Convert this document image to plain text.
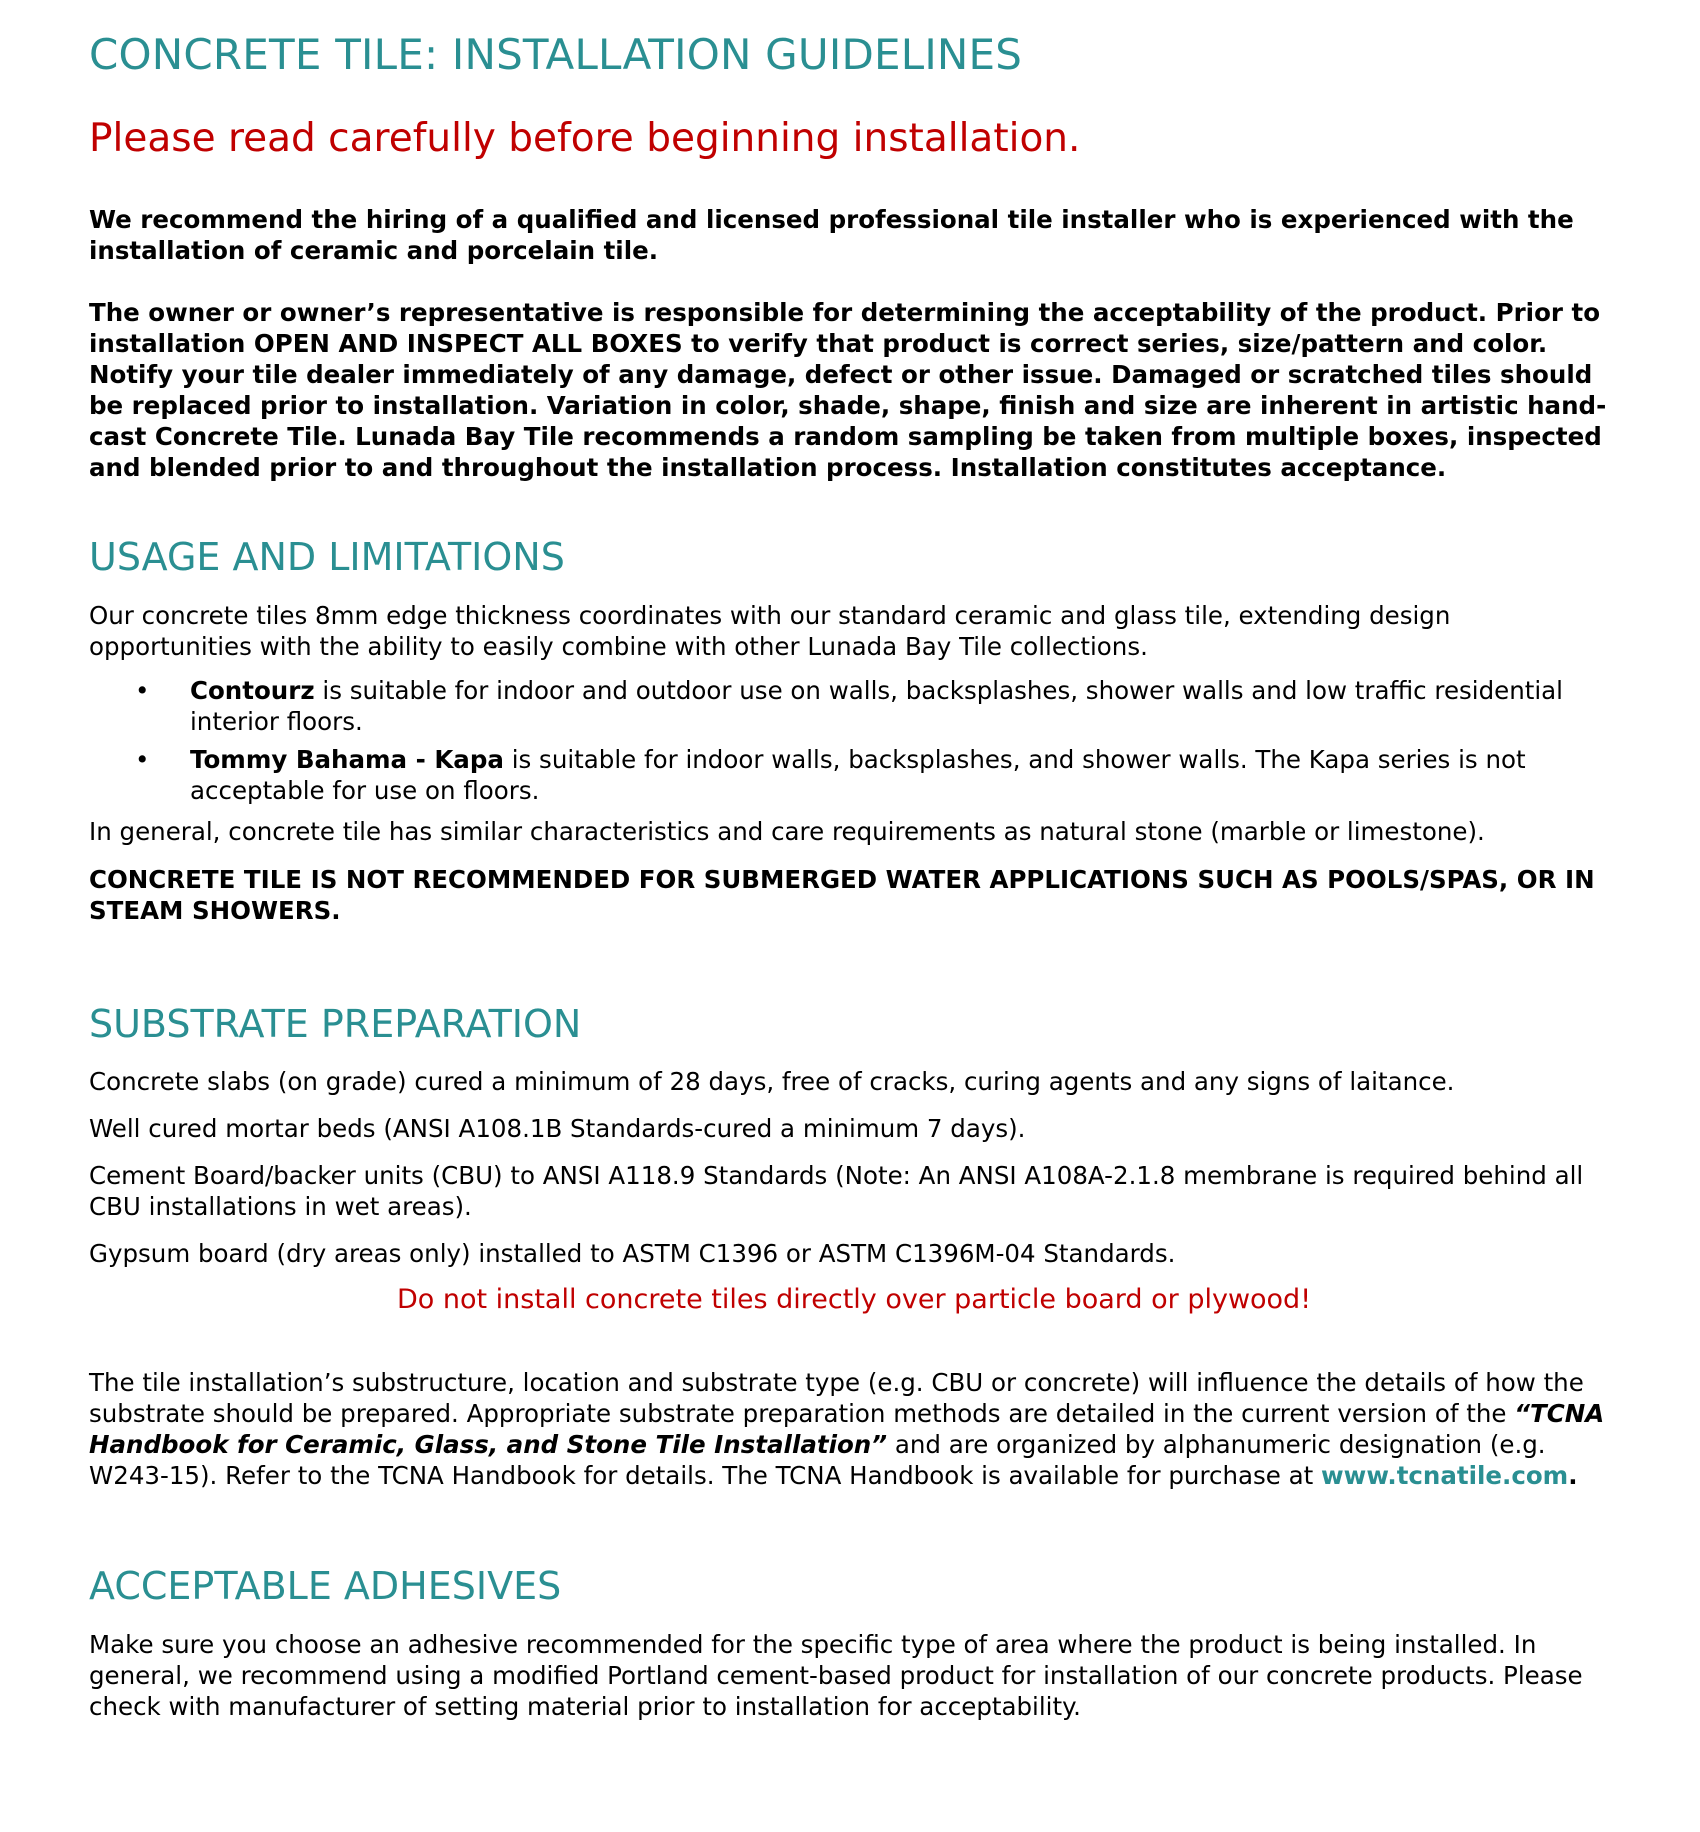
CONCRETE TILE: INSTALLATION GUIDELINES

Please read carefully before beginning installation.

We recommend the hiring of a qualified and licensed professional tile installer who is experienced with the installation of ceramic and porcelain tile.

The owner or owner’s representative is responsible for determining the acceptability of the product. Prior to installation OPEN AND INSPECT ALL BOXES to verify that product is correct series, size/pattern and color. Notify your tile dealer immediately of any damage, defect or other issue. Damaged or scratched tiles should be replaced prior to installation. Variation in color, shade, shape, finish and size are inherent in artistic hand-cast Concrete Tile. Lunada Bay Tile recommends a random sampling be taken from multiple boxes, inspected and blended prior to and throughout the installation process. Installation constitutes acceptance.

USAGE AND LIMITATIONS

Our concrete tiles 8mm edge thickness coordinates with our standard ceramic and glass tile, extending design opportunities with the ability to easily combine with other Lunada Bay Tile collections.

• Contourz is suitable for indoor and outdoor use on walls, backsplashes, shower walls and low traffic residential interior floors.
• Tommy Bahama - Kapa is suitable for indoor walls, backsplashes, and shower walls. The Kapa series is not acceptable for use on floors.

In general, concrete tile has similar characteristics and care requirements as natural stone (marble or limestone).

CONCRETE TILE IS NOT RECOMMENDED FOR SUBMERGED WATER APPLICATIONS SUCH AS POOLS/SPAS, OR IN STEAM SHOWERS.

SUBSTRATE PREPARATION

Concrete slabs (on grade) cured a minimum of 28 days, free of cracks, curing agents and any signs of laitance.

Well cured mortar beds (ANSI A108.1B Standards-cured a minimum 7 days).

Cement Board/backer units (CBU) to ANSI A118.9 Standards (Note: An ANSI A108A-2.1.8 membrane is required behind all CBU installations in wet areas).

Gypsum board (dry areas only) installed to ASTM C1396 or ASTM C1396M-04 Standards.

Do not install concrete tiles directly over particle board or plywood!

The tile installation’s substructure, location and substrate type (e.g. CBU or concrete) will influence the details of how the substrate should be prepared. Appropriate substrate preparation methods are detailed in the current version of the “TCNA Handbook for Ceramic, Glass, and Stone Tile Installation” and are organized by alphanumeric designation (e.g. W243-15). Refer to the TCNA Handbook for details. The TCNA Handbook is available for purchase at www.tcnatile.com.

ACCEPTABLE ADHESIVES

Make sure you choose an adhesive recommended for the specific type of area where the product is being installed. In general, we recommend using a modified Portland cement-based product for installation of our concrete products. Please check with manufacturer of setting material prior to installation for acceptability.
